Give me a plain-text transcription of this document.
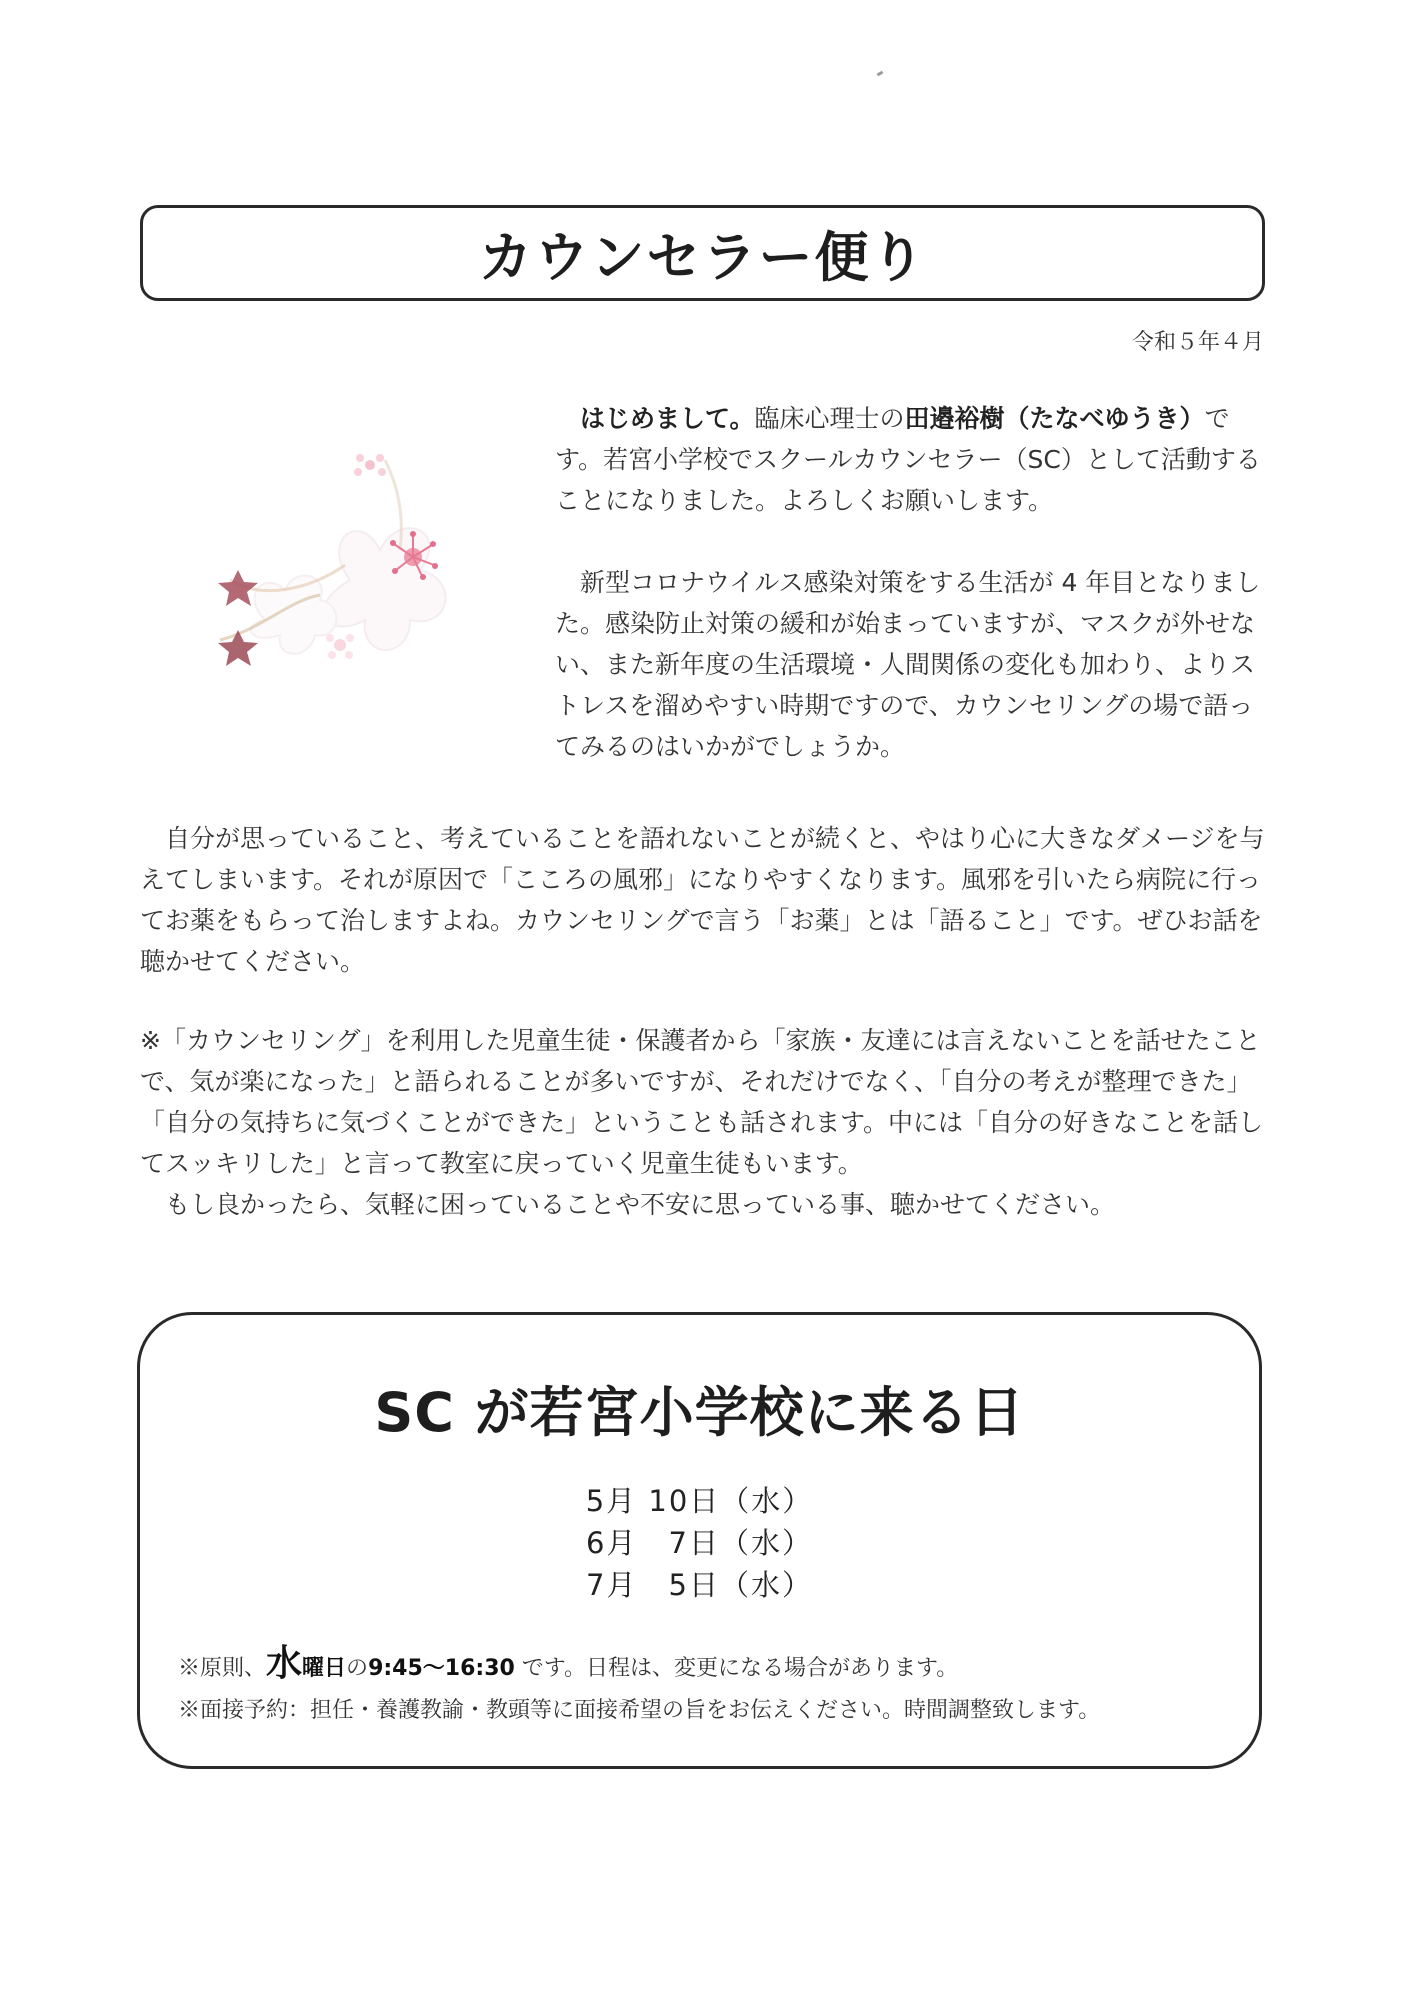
カウンセラー便り
令和５年４月

はじめまして。臨床心理士の田邉裕樹（たなべゆうき）です。若宮小学校でスクールカウンセラー（SC）として活動することになりました。よろしくお願いします。

新型コロナウイルス感染対策をする生活が 4 年目となりました。感染防止対策の緩和が始まっていますが、マスクが外せない、また新年度の生活環境・人間関係の変化も加わり、よりストレスを溜めやすい時期ですので、カウンセリングの場で語ってみるのはいかがでしょうか。

自分が思っていること、考えていることを語れないことが続くと、やはり心に大きなダメージを与えてしまいます。それが原因で「こころの風邪」になりやすくなります。風邪を引いたら病院に行ってお薬をもらって治しますよね。カウンセリングで言う「お薬」とは「語ること」です。ぜひお話を聴かせてください。

※「カウンセリング」を利用した児童生徒・保護者から「家族・友達には言えないことを話せたことで、気が楽になった」と語られることが多いですが、それだけでなく、「自分の考えが整理できた」「自分の気持ちに気づくことができた」ということも話されます。中には「自分の好きなことを話してスッキリした」と言って教室に戻っていく児童生徒もいます。

もし良かったら、気軽に困っていることや不安に思っている事、聴かせてください。

SC が若宮小学校に来る日
5月 10日（水）
6月　7日（水）
7月　5日（水）
※原則、水曜日の9:45～16:30 です。日程は、変更になる場合があります。
※面接予約：担任・養護教諭・教頭等に面接希望の旨をお伝えください。時間調整致します。
